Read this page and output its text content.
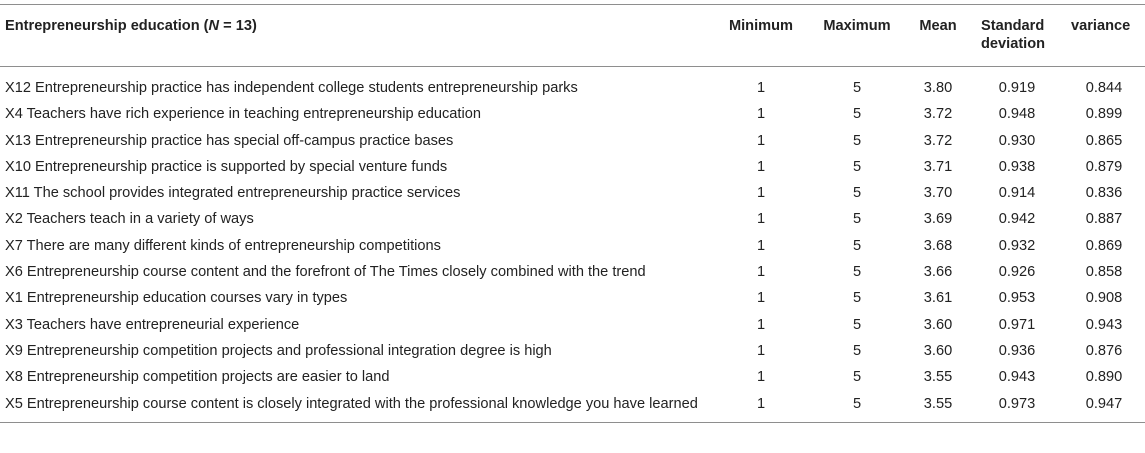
Entrepreneurship education (N = 13)	Minimum	Maximum	Mean	Standard deviation	variance
X12 Entrepreneurship practice has independent college students entrepreneurship parks	1	5	3.80	0.919	0.844
X4 Teachers have rich experience in teaching entrepreneurship education	1	5	3.72	0.948	0.899
X13 Entrepreneurship practice has special off-campus practice bases	1	5	3.72	0.930	0.865
X10 Entrepreneurship practice is supported by special venture funds	1	5	3.71	0.938	0.879
X11 The school provides integrated entrepreneurship practice services	1	5	3.70	0.914	0.836
X2 Teachers teach in a variety of ways	1	5	3.69	0.942	0.887
X7 There are many different kinds of entrepreneurship competitions	1	5	3.68	0.932	0.869
X6 Entrepreneurship course content and the forefront of The Times closely combined with the trend	1	5	3.66	0.926	0.858
X1 Entrepreneurship education courses vary in types	1	5	3.61	0.953	0.908
X3 Teachers have entrepreneurial experience	1	5	3.60	0.971	0.943
X9 Entrepreneurship competition projects and professional integration degree is high	1	5	3.60	0.936	0.876
X8 Entrepreneurship competition projects are easier to land	1	5	3.55	0.943	0.890
X5 Entrepreneurship course content is closely integrated with the professional knowledge you have learned	1	5	3.55	0.973	0.947
